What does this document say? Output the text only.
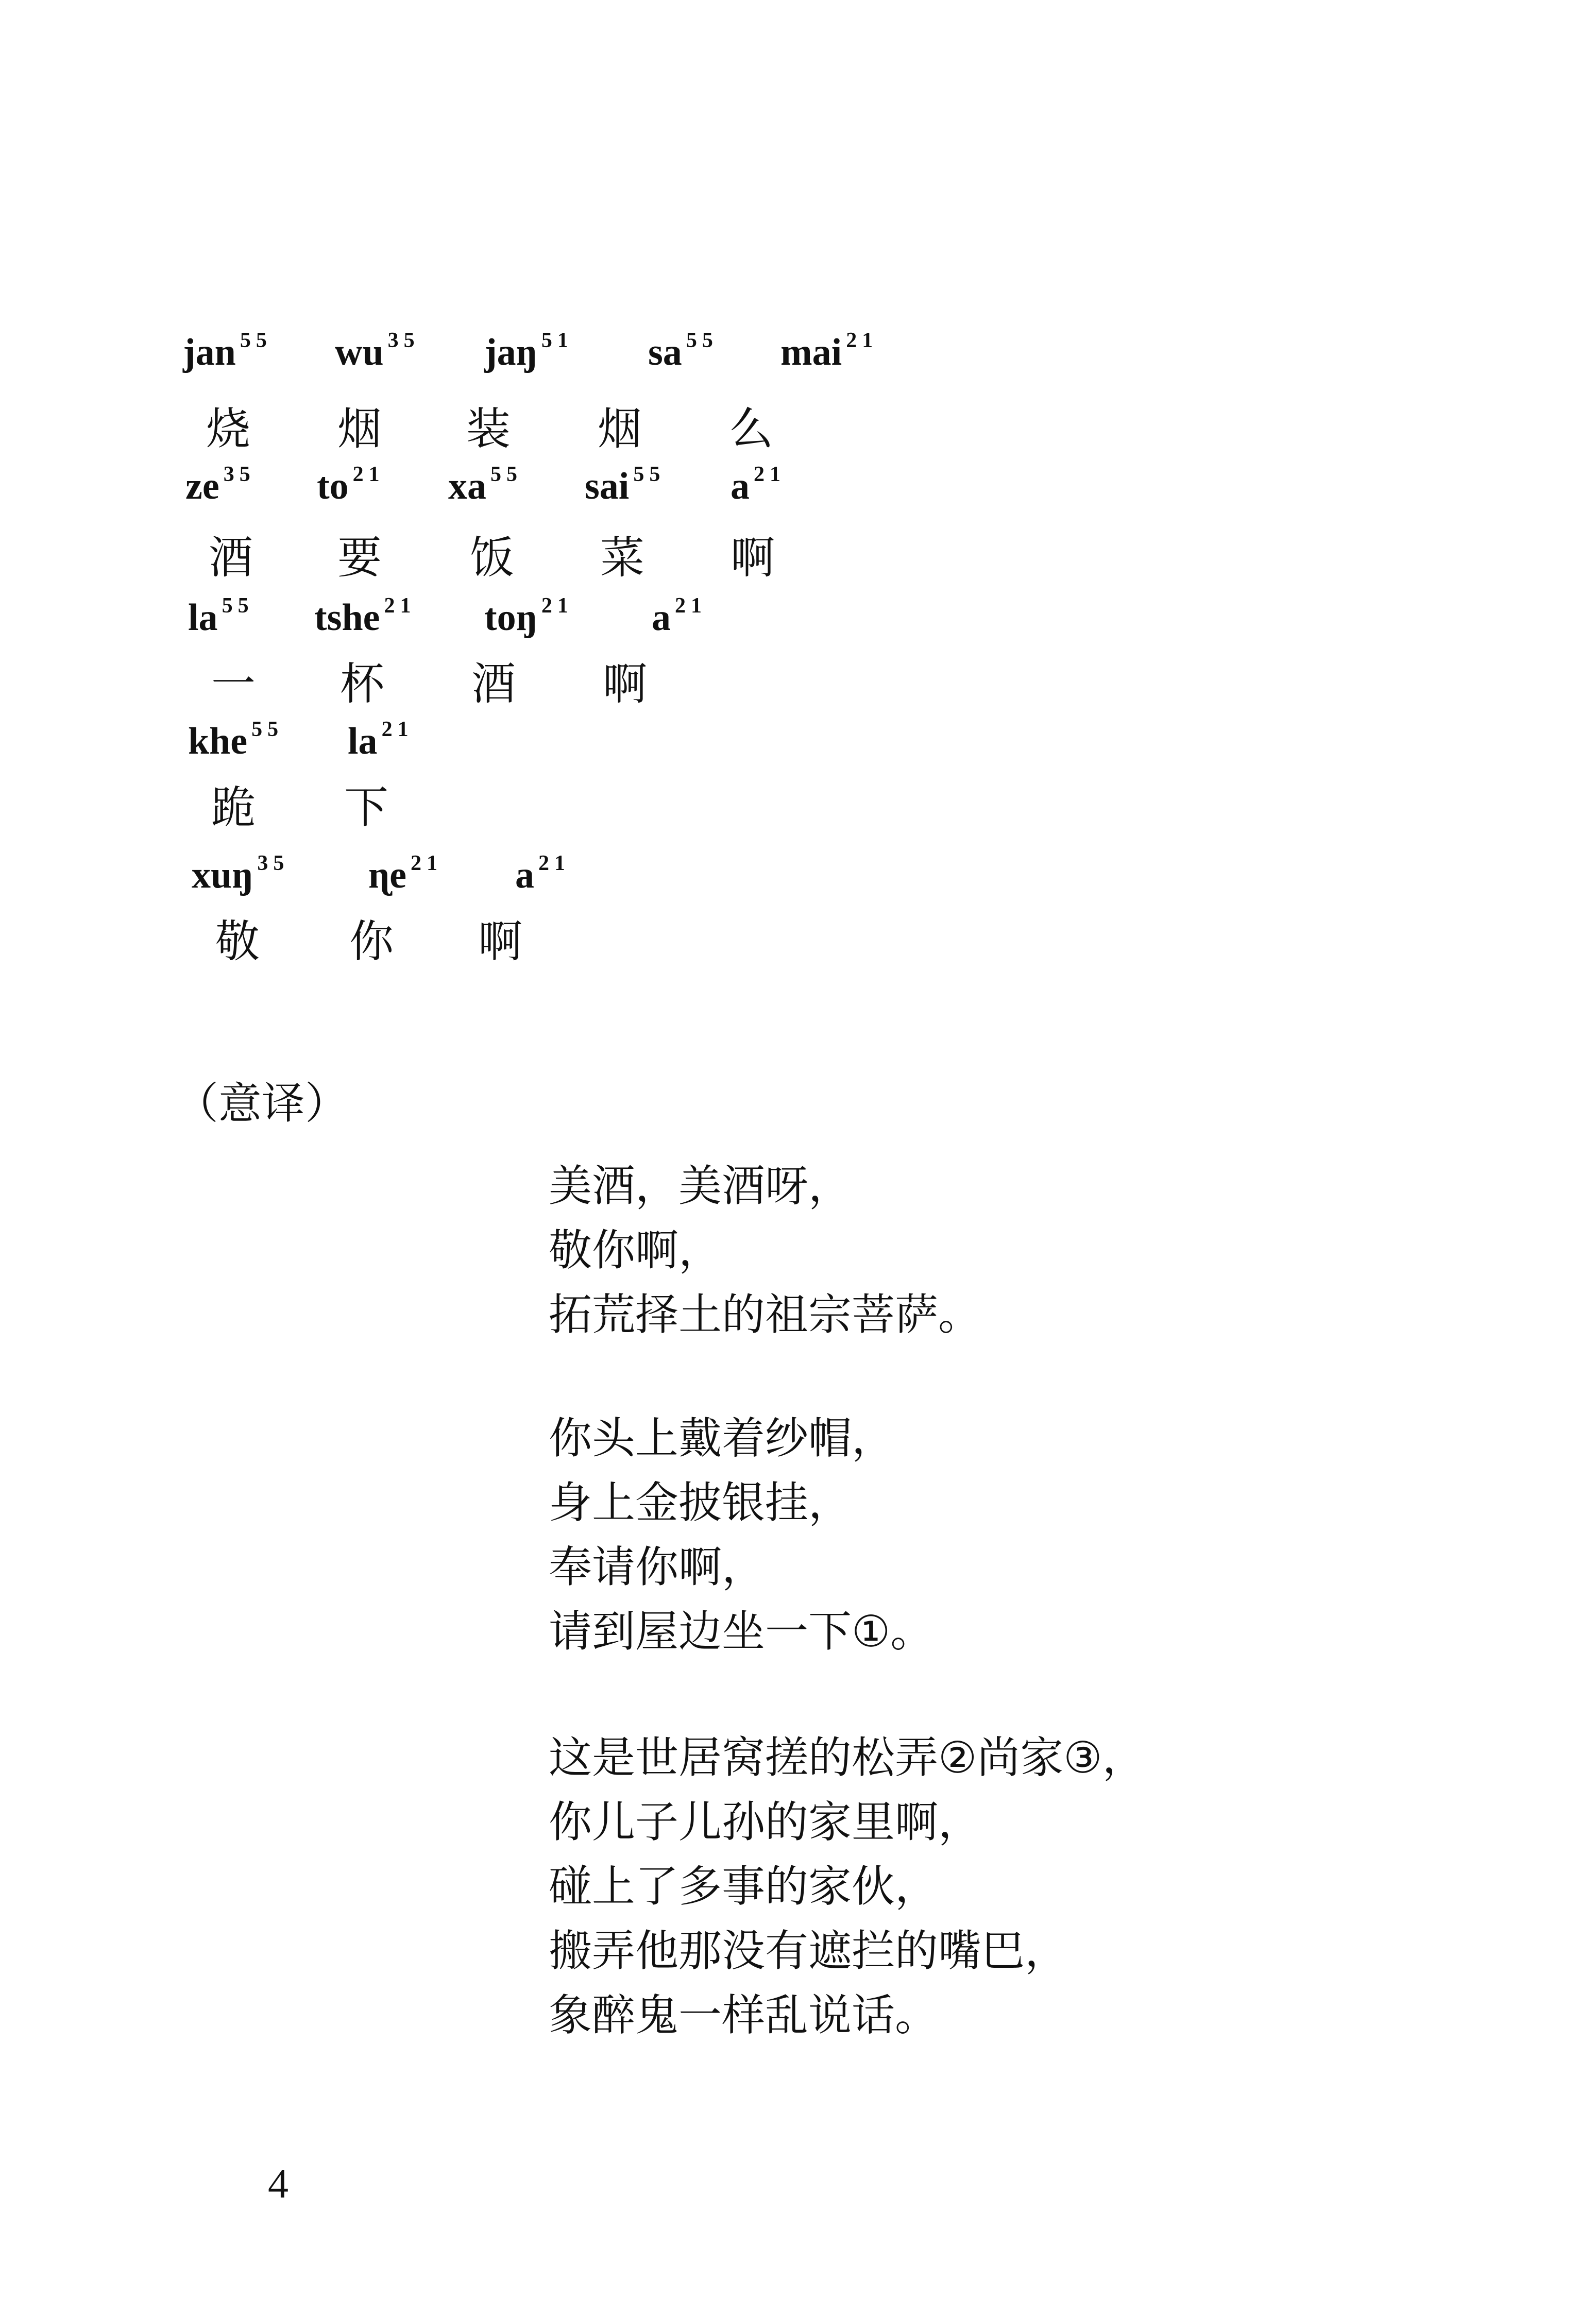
jan $^{55}$ wu $^{35}$ jaŋ $^{51}$ sa $^{55}$ mai $^{21}$
烧 烟 装 烟 么
ze $^{35}$ to $^{21}$ xa $^{55}$ sai $^{55}$ a $^{21}$
酒 要 饭 菜 啊
la $^{55}$ tshe $^{21}$ toŋ $^{21}$ a $^{21}$
一 杯 酒 啊
khe $^{55}$ la $^{21}$
跪 下
xuŋ $^{35}$ ɳe $^{21}$ a $^{21}$
敬 你 啊
（意译）
美酒，美酒呀，
敬你啊，
拓荒择土的祖宗菩萨。
你头上戴着纱帽，
身上金披银挂，
奉请你啊，
请到屋边坐一下①。
这是世居窝搓的松弄②尚家③，
你儿子儿孙的家里啊，
碰上了多事的家伙，
搬弄他那没有遮拦的嘴巴，
象醉鬼一样乱说话。
4
